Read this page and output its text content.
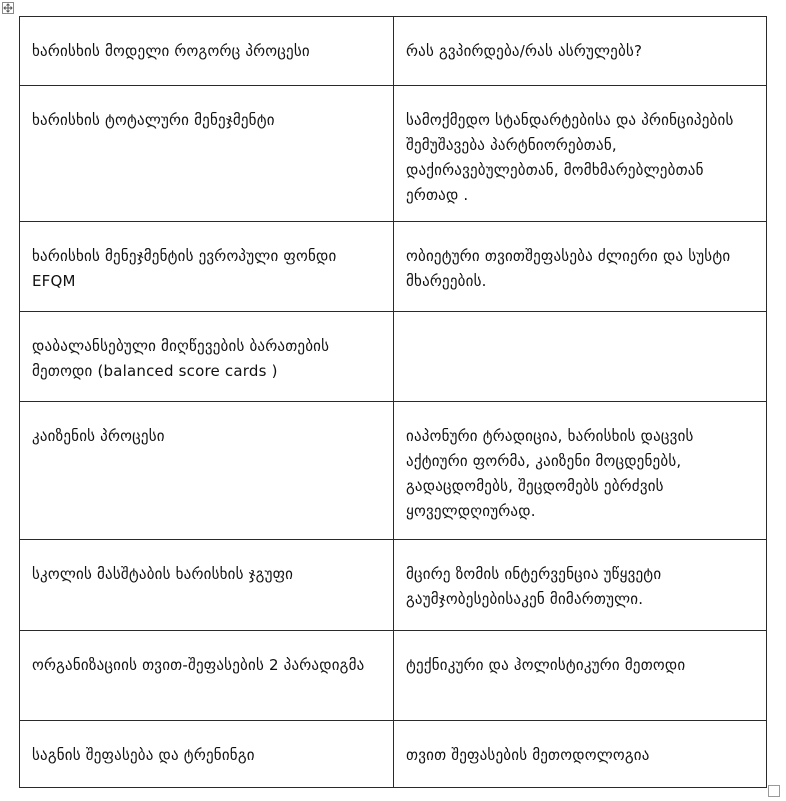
ხარისხის მოდელი როგორც პროცესი	რას გვპირდება/რას ასრულებს?
ხარისხის ტოტალური მენეჯმენტი	სამოქმედო სტანდარტებისა და პრინციპების შემუშავება პარტნიორებთან, დაქირავებულებთან, მომხმარებლებთან ერთად .
ხარისხის მენეჯმენტის ევროპული ფონდი EFQM	ობიეტური თვითშეფასება ძლიერი და სუსტი მხარეების.
დაბალანსებული მიღწევების ბარათების მეთოდი (balanced score cards )	
კაიზენის პროცესი	იაპონური ტრადიცია, ხარისხის დაცვის აქტიური ფორმა, კაიზენი მოცდენებს, გადაცდომებს, შეცდომებს ებრძვის ყოველდღიურად.
სკოლის მასშტაბის ხარისხის ჯგუფი	მცირე ზომის ინტერვენცია უწყვეტი გაუმჯობესებისაკენ მიმართული.
ორგანიზაციის თვით-შეფასების 2 პარადიგმა	ტექნიკური და ჰოლისტიკური მეთოდი
საგნის შეფასება და ტრენინგი	თვით შეფასების მეთოდოლოგია
